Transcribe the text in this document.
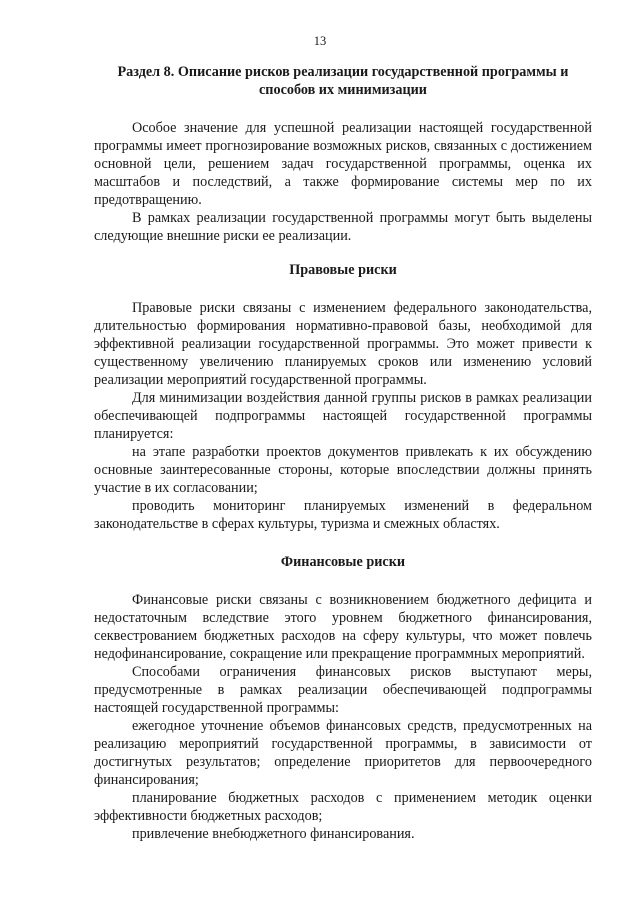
13

Раздел 8. Описание рисков реализации государственной программы и способов их минимизации

Особое значение для успешной реализации настоящей государственной программы имеет прогнозирование возможных рисков, связанных с достижением основной цели, решением задач государственной программы, оценка их масштабов и последствий, а также формирование системы мер по их предотвращению.

В рамках реализации государственной программы могут быть выделены следующие внешние риски ее реализации.

Правовые риски

Правовые риски связаны с изменением федерального законодательства, длительностью формирования нормативно-правовой базы, необходимой для эффективной реализации государственной программы. Это может привести к существенному увеличению планируемых сроков или изменению условий реализации мероприятий государственной программы.

Для минимизации воздействия данной группы рисков в рамках реализации обеспечивающей подпрограммы настоящей государственной программы планируется:

на этапе разработки проектов документов привлекать к их обсуждению основные заинтересованные стороны, которые впоследствии должны принять участие в их согласовании;

проводить мониторинг планируемых изменений в федеральном законодательстве в сферах культуры, туризма и смежных областях.

Финансовые риски

Финансовые риски связаны с возникновением бюджетного дефицита и недостаточным вследствие этого уровнем бюджетного финансирования, секвестрованием бюджетных расходов на сферу культуры, что может повлечь недофинансирование, сокращение или прекращение программных мероприятий.

Способами ограничения финансовых рисков выступают меры, предусмотренные в рамках реализации обеспечивающей подпрограммы настоящей государственной программы:

ежегодное уточнение объемов финансовых средств, предусмотренных на реализацию мероприятий государственной программы, в зависимости от достигнутых результатов; определение приоритетов для первоочередного финансирования;

планирование бюджетных расходов с применением методик оценки эффективности бюджетных расходов;

привлечение внебюджетного финансирования.
